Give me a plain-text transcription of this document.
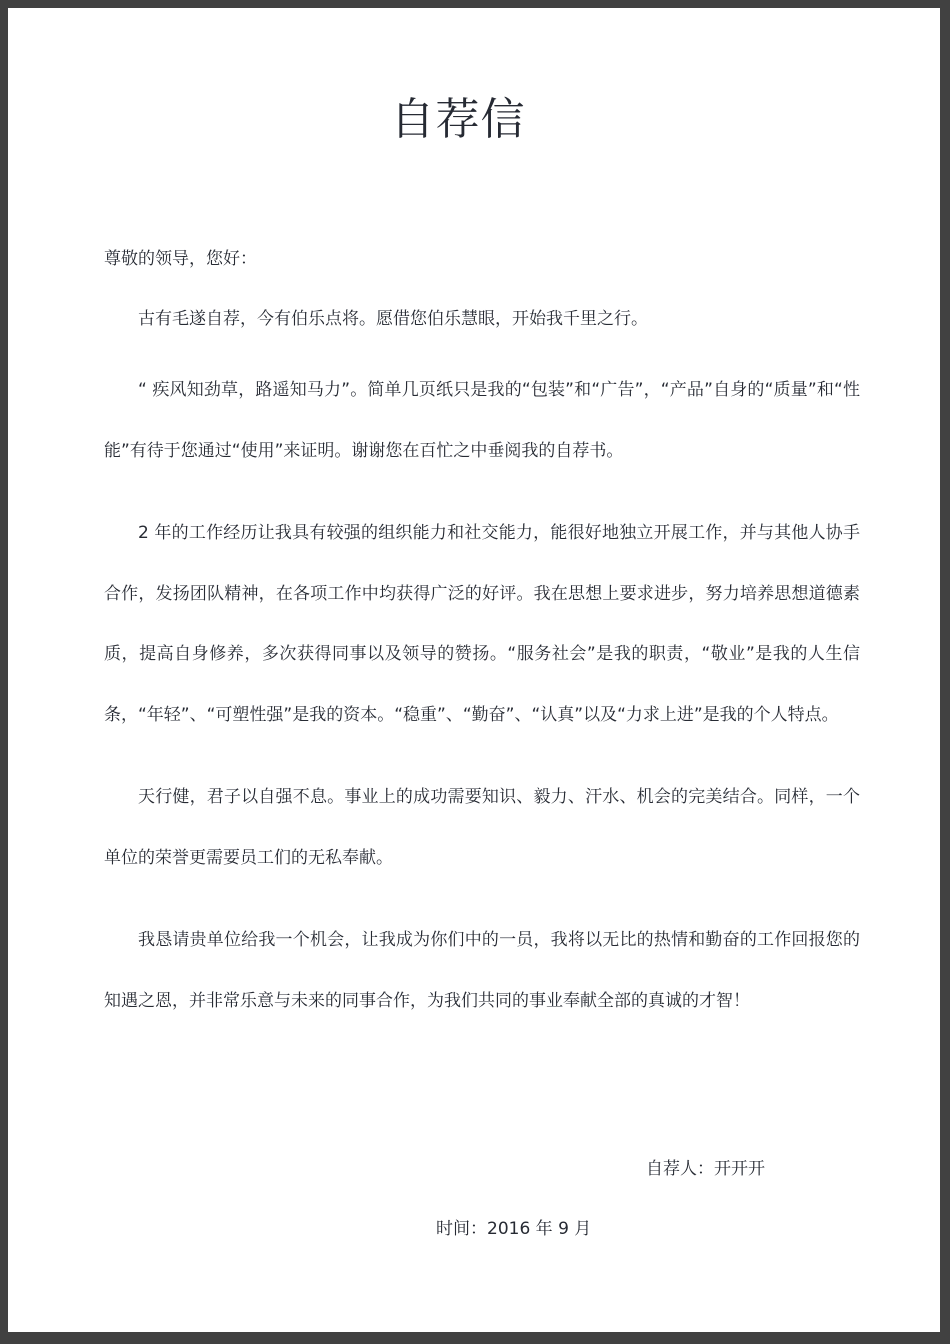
自荐信

尊敬的领导，您好：

古有毛遂自荐，今有伯乐点将。愿借您伯乐慧眼，开始我千里之行。

“ 疾风知劲草，路遥知马力”。简单几页纸只是我的“包装”和“广告”，“产品”自身的“质量”和“性能”有待于您通过“使用”来证明。谢谢您在百忙之中垂阅我的自荐书。

2 年的工作经历让我具有较强的组织能力和社交能力，能很好地独立开展工作，并与其他人协手合作，发扬团队精神，在各项工作中均获得广泛的好评。我在思想上要求进步，努力培养思想道德素质，提高自身修养，多次获得同事以及领导的赞扬。“服务社会”是我的职责，“敬业”是我的人生信条，“年轻”、“可塑性强”是我的资本。“稳重”、“勤奋”、“认真”以及“力求上进”是我的个人特点。

天行健，君子以自强不息。事业上的成功需要知识、毅力、汗水、机会的完美结合。同样，一个单位的荣誉更需要员工们的无私奉献。

我恳请贵单位给我一个机会，让我成为你们中的一员，我将以无比的热情和勤奋的工作回报您的知遇之恩，并非常乐意与未来的同事合作，为我们共同的事业奉献全部的真诚的才智！

自荐人：开开开
时间：2016 年 9 月
